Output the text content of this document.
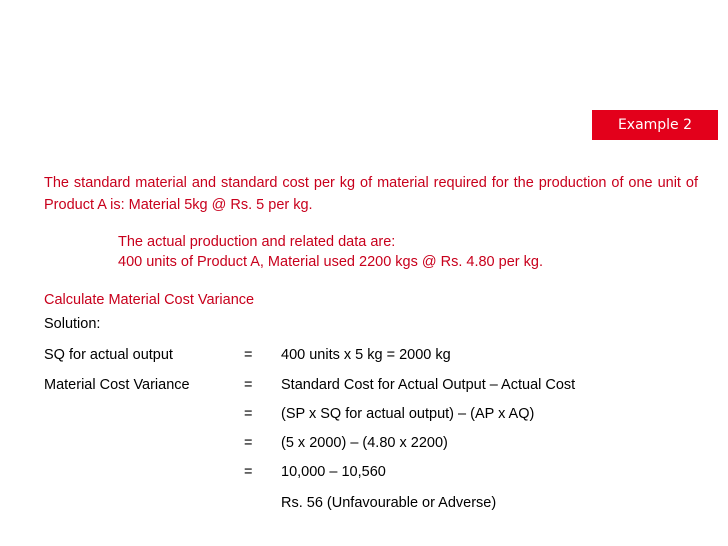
Example 2
The standard material and standard cost per kg of material required for the production of one unit of Product A is: Material 5kg @ Rs. 5 per kg.
The actual production and related data are:
400 units of Product A, Material used 2200 kgs @ Rs. 4.80 per kg.
Calculate Material Cost Variance
Solution:
SQ for actual output	= 400 units x 5 kg = 2000 kg
Material Cost Variance	= Standard Cost for Actual Output – Actual Cost
= (SP x SQ for actual output) – (AP x AQ)
= (5 x 2000) – (4.80 x 2200)
= 10,000 – 10,560
Rs. 56 (Unfavourable or Adverse)
